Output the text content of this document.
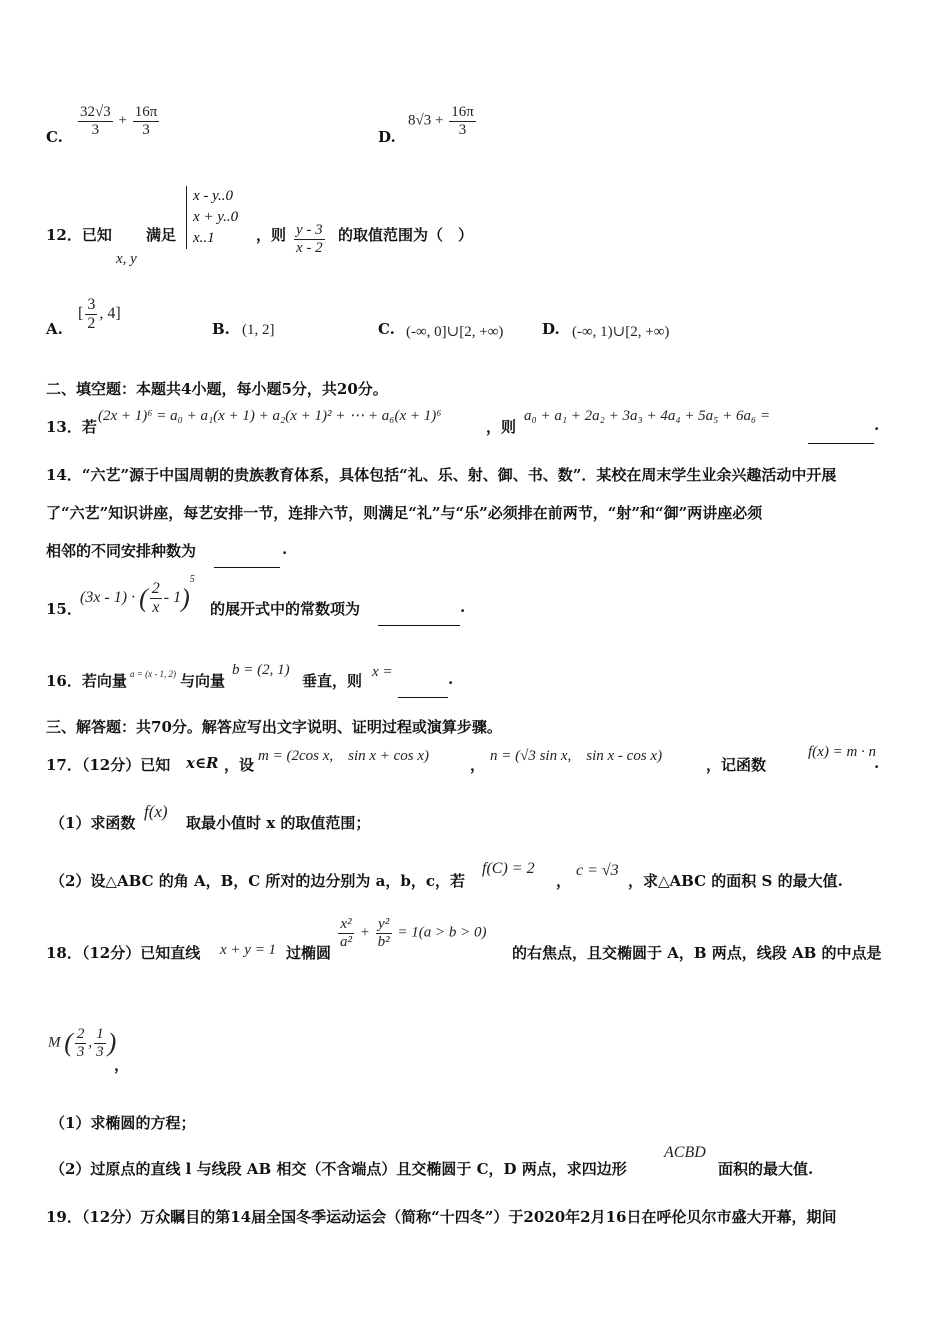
C. $\frac{32√3}{3} + \frac{16\pi}{3}$	D.
$8√3 + \frac{16\pi}{3}$
12．已知
x, y
满足
x - y..0
x + y..0
x..1	，则 $\frac{y - 3}{x - 2}$ 的取值范围为（　）
A.
[ $\frac{3}{2}$ , 4]
B. (1, 2]	C. (-∞, 0]∪[2, +∞)	D. (-∞, 1)∪[2, +∞)
二、填空题：本题共4小题，每小题5分，共20分。
13．若
(2x + 1)⁶ = a₀ + a₁(x + 1) + a₂(x + 1)² + ⋯ + a₆(x + 1)⁶
，则
a₀ + a₁ + 2a₂ + 3a₃ + 4a₄ + 5a₅ + 6a₆ =	.
14．“六艺”源于中国周朝的贵族教育体系，具体包括“礼、乐、射、御、书、数”．某校在周末学生业余兴趣活动中开展
了“六艺”知识讲座，每艺安排一节，连排六节，则满足“礼”与“乐”必须排在前两节，“射”和“御”两讲座必须
相邻的不同安排种数为	.
15．
(3x - 1) · ( $\frac{2}{x} - 1)^5$
的展开式中的常数项为	.
16．若向量 a = (x - 1, 2) 与向量
b = (2, 1)
垂直，则 x =	.
三、解答题：共70分。解答应写出文字说明、证明过程或演算步骤。
17．（12分）已知 x∈R ，设 m = (2cos x,　sin x + cos x)	， n = (√3 sin x,　sin x - cos x)	，记函数
f(x) = m · n
.
（1）求函数
f(x)
取最小值时 x 的取值范围；
（2）设△ABC 的角 A，B，C 所对的边分别为 a，b，c，若
f(C) = 2
，
c = √3
，求△ABC 的面积 S 的最大值.
18．（12分）已知直线 x + y = 1 过椭圆
$\frac{\text{x²}}{\text{a²}} + \frac{\text{y²}}{\text{b²}} = 1(a > b > 0)$
的右焦点，且交椭圆于 A，B 两点，线段 AB 的中点是
M ( $\frac{2}{3}$ , $\frac{1}{3}$ )
，
（1）求椭圆的方程；
（2）过原点的直线 l 与线段 AB 相交（不含端点）且交椭圆于 C，D 两点，求四边形
ACBD
面积的最大值.
19．（12分）万众瞩目的第14届全国冬季运动运会（简称“十四冬”）于2020年2月16日在呼伦贝尔市盛大开幕，期间
